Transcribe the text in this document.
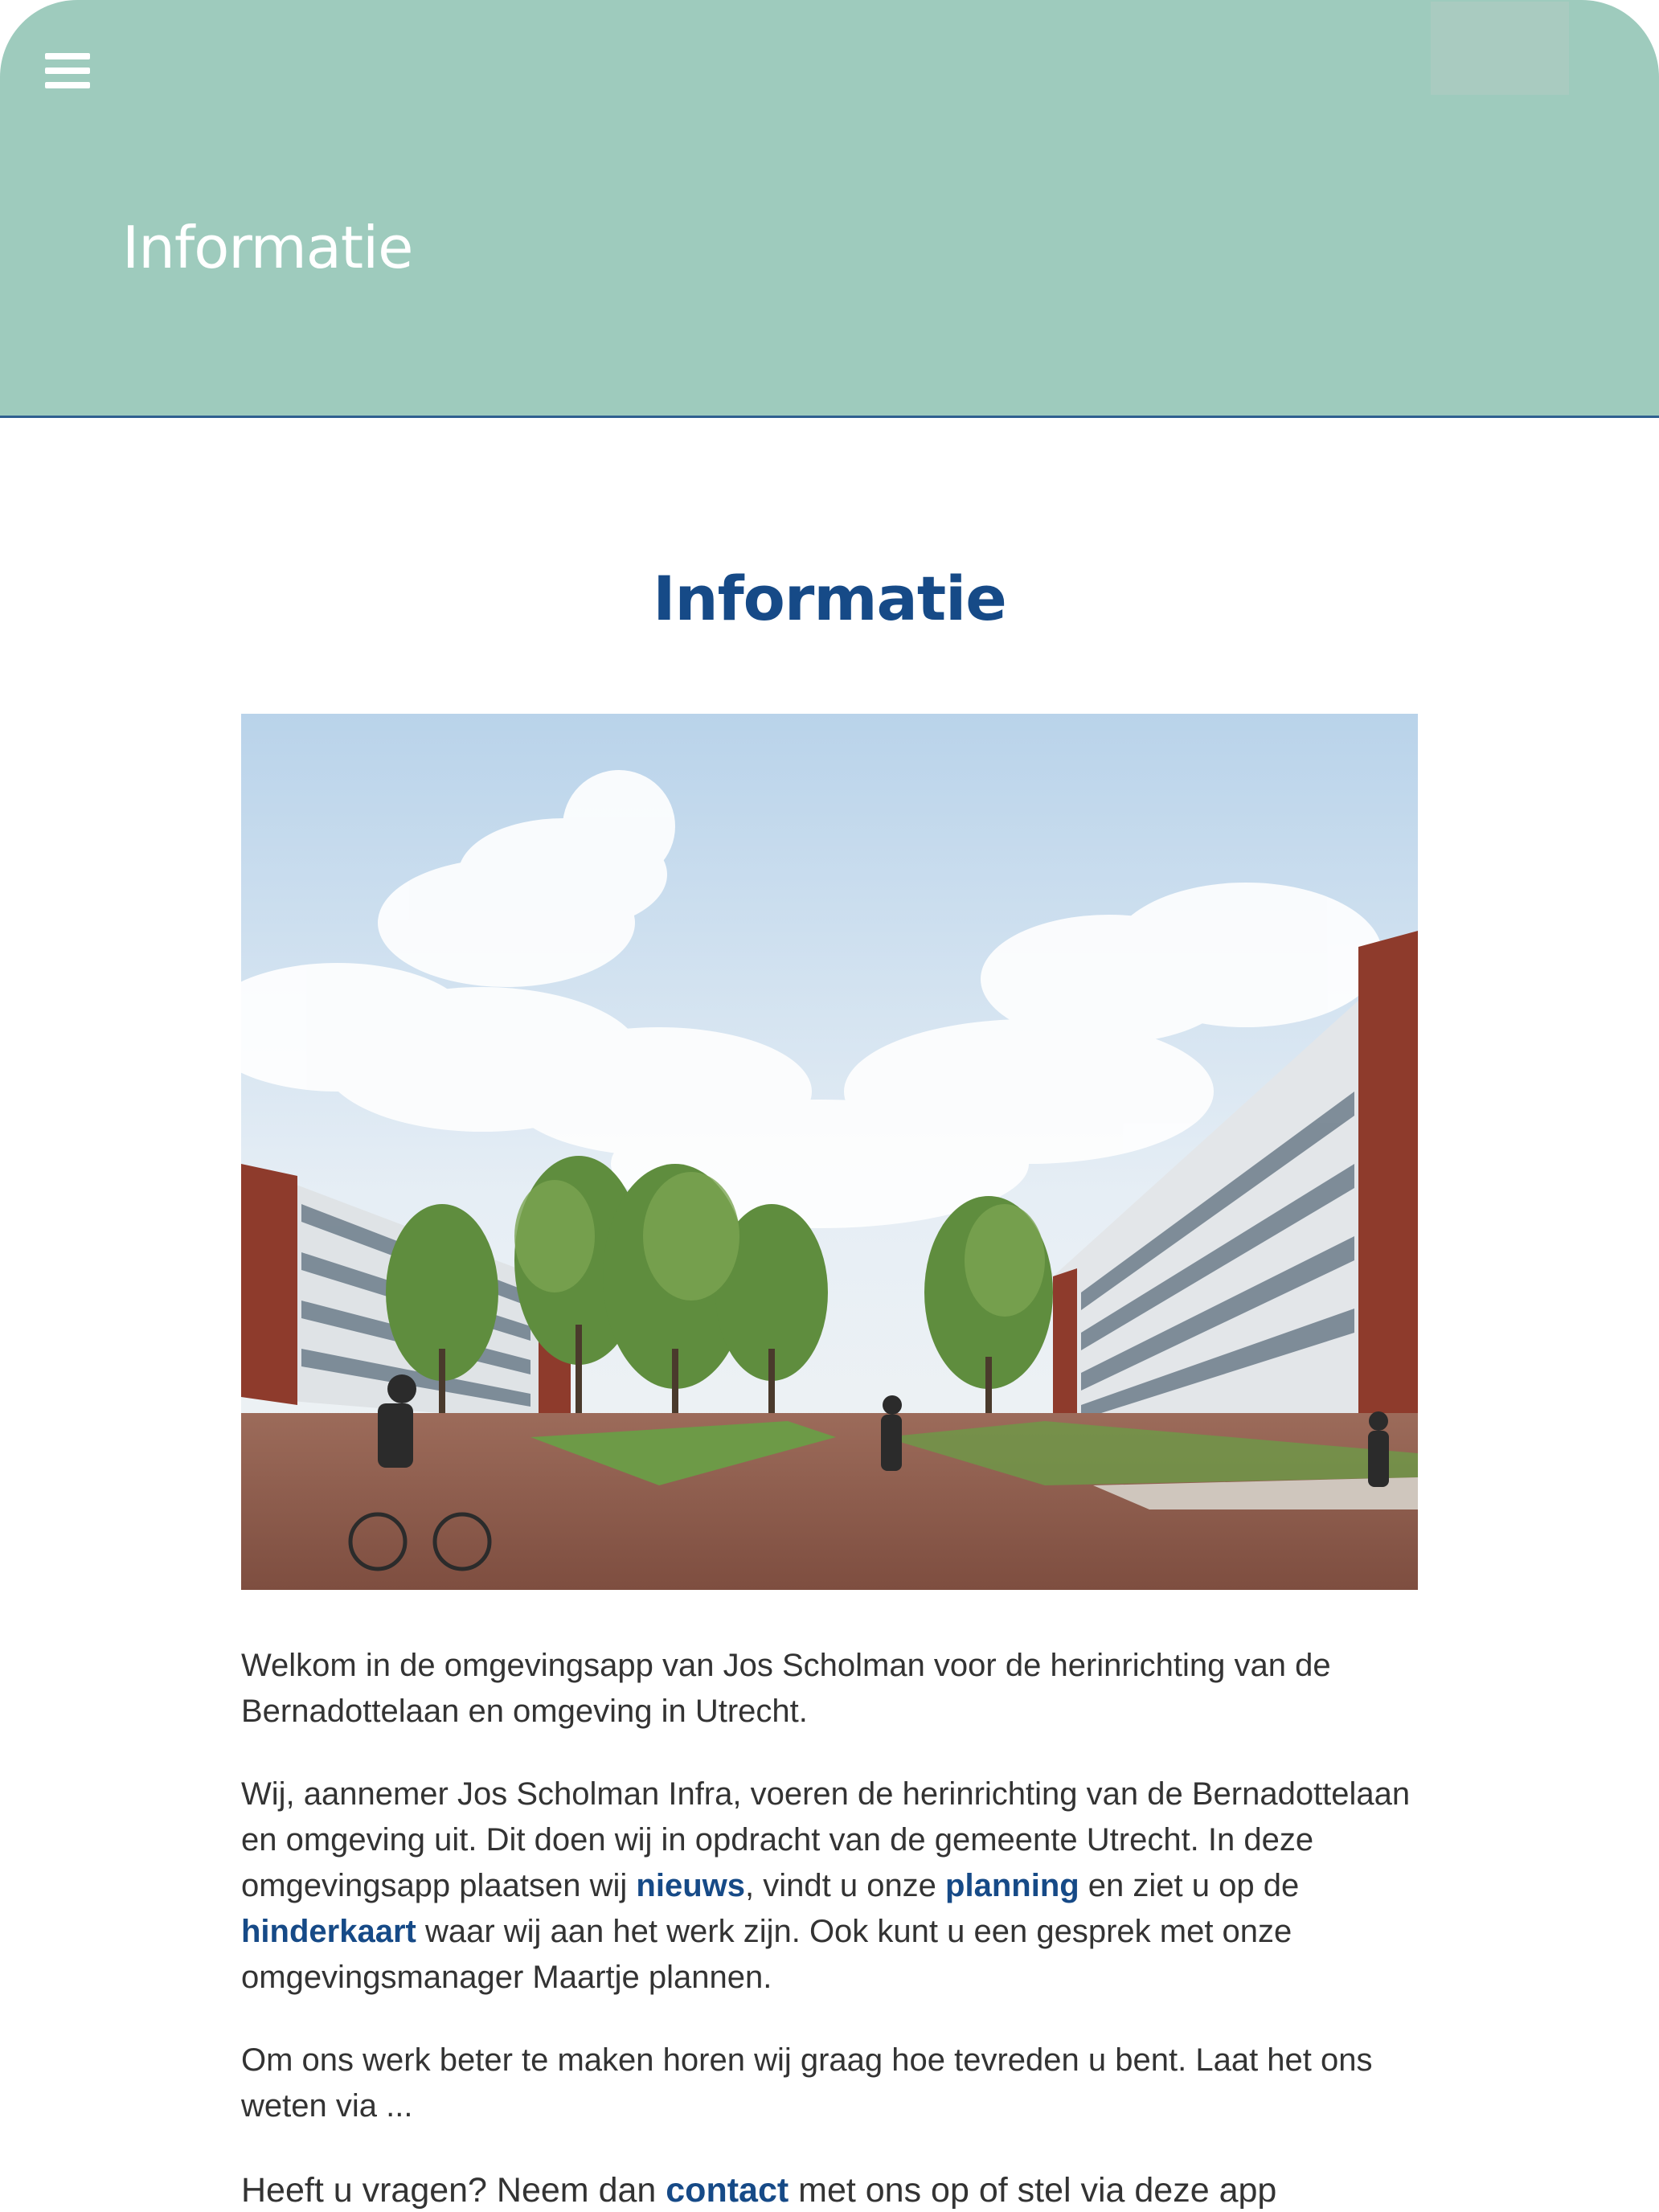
Informatie
Informatie

Welkom in de omgevingsapp van Jos Scholman voor de herinrichting van de Bernadottelaan en omgeving in Utrecht.

Wij, aannemer Jos Scholman Infra, voeren de herinrichting van de Bernadottelaan en omgeving uit. Dit doen wij in opdracht van de gemeente Utrecht. In deze omgevingsapp plaatsen wij nieuws, vindt u onze planning en ziet u op de hinderkaart waar wij aan het werk zijn. Ook kunt u een gesprek met onze omgevingsmanager Maartje plannen.

Om ons werk beter te maken horen wij graag hoe tevreden u bent. Laat het ons weten via ...

Heeft u vragen? Neem dan contact met ons op of stel via deze app
